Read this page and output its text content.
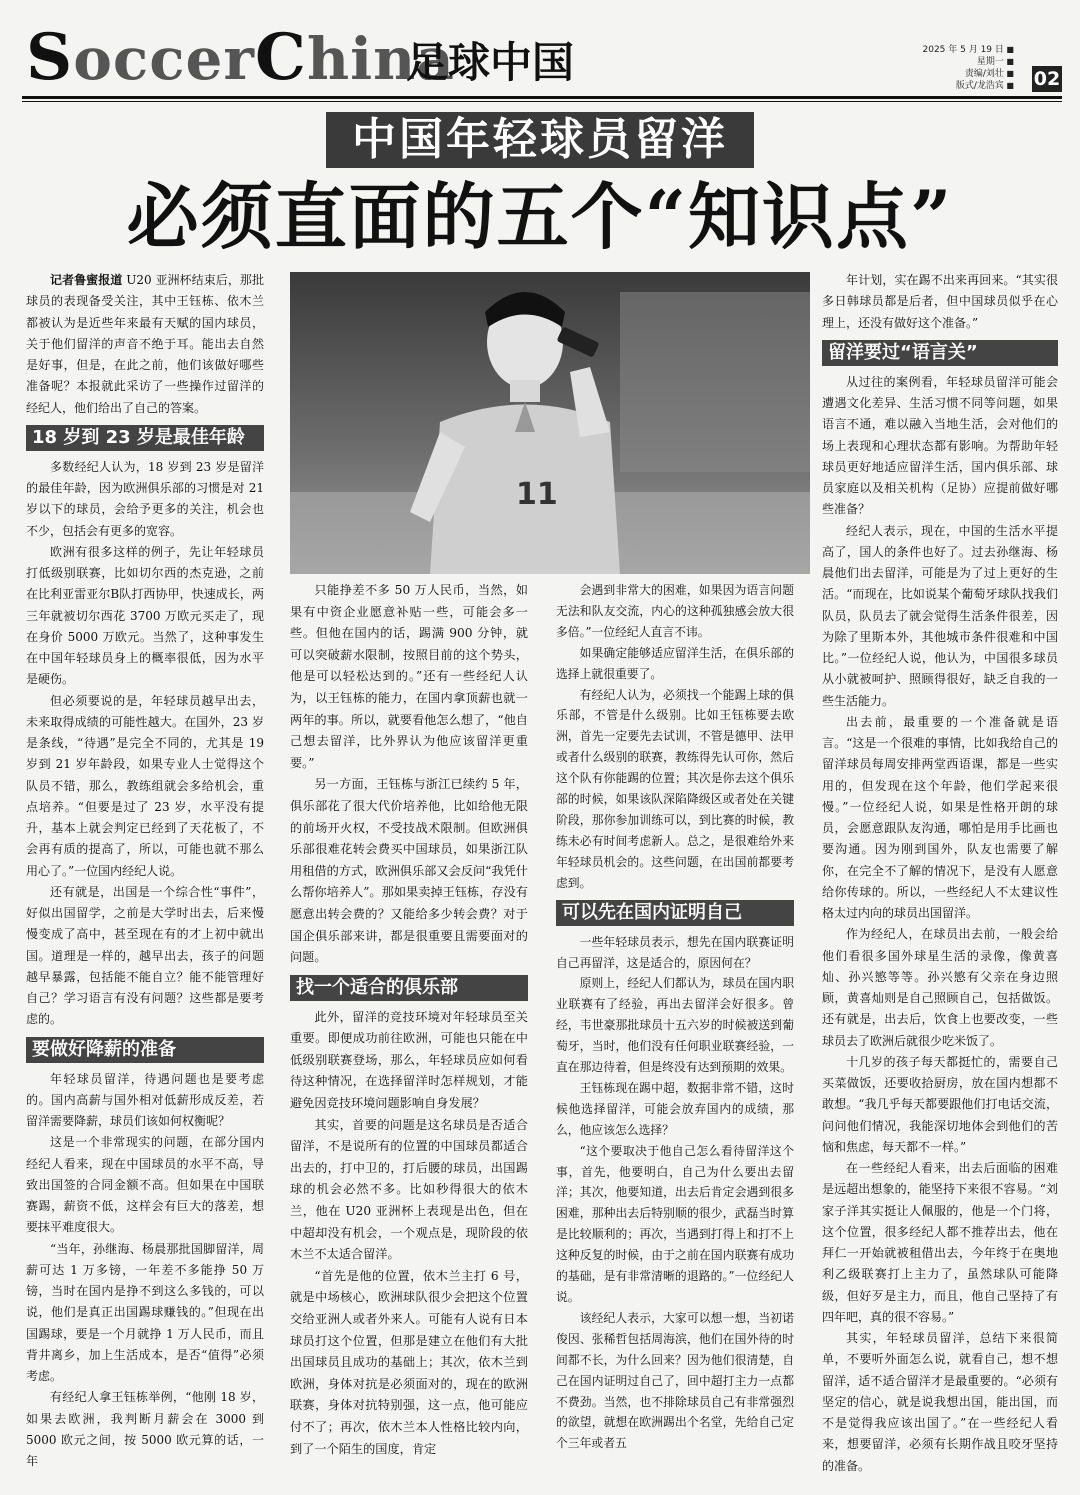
SoccerChina
足球中国	2025 年 5 月 19 日 ■
星期一 ■
责编/刘壮 ■
版式/龙浩宾 ■	02
中国年轻球员留洋
必须直面的五个“知识点”

记者鲁蜜报道 U20 亚洲杯结束后，那批球员的表现备受关注，其中王钰栋、依木兰都被认为是近些年来最有天赋的国内球员，关于他们留洋的声音不绝于耳。能出去自然是好事，但是，在此之前，他们该做好哪些准备呢？本报就此采访了一些操作过留洋的经纪人，他们给出了自己的答案。

18 岁到 23 岁是最佳年龄

多数经纪人认为，18 岁到 23 岁是留洋的最佳年龄，因为欧洲俱乐部的习惯是对 21 岁以下的球员，会给予更多的关注，机会也不少，包括会有更多的宽容。

欧洲有很多这样的例子，先让年轻球员打低级别联赛，比如切尔西的杰克逊，之前在比利亚雷亚尔B队打西协甲，快速成长，两三年就被切尔西花 3700 万欧元买走了，现在身价 5000 万欧元。当然了，这种事发生在中国年轻球员身上的概率很低，因为水平是硬伤。

但必须要说的是，年轻球员越早出去，未来取得成绩的可能性越大。在国外，23 岁是条线，“待遇”是完全不同的，尤其是 19 岁到 21 岁年龄段，如果专业人士觉得这个队员不错，那么，教练组就会多给机会，重点培养。“但要是过了 23 岁，水平没有提升，基本上就会判定已经到了天花板了，不会再有质的提高了，所以，可能也就不那么用心了。”一位国内经纪人说。

还有就是，出国是一个综合性“事件”，好似出国留学，之前是大学时出去，后来慢慢变成了高中，甚至现在有的才上初中就出国。道理是一样的，越早出去，孩子的问题越早暴露，包括能不能自立？能不能管理好自己？学习语言有没有问题？这些都是要考虑的。

要做好降薪的准备

年轻球员留洋，待遇问题也是要考虑的。国内高薪与国外相对低薪形成反差，若留洋需要降薪，球员们该如何权衡呢？

这是一个非常现实的问题，在部分国内经纪人看来，现在中国球员的水平不高，导致出国签的合同金额不高。但如果在中国联赛踢，薪资不低，这样会有巨大的落差，想要抹平难度很大。

“当年，孙继海、杨晨那批国脚留洋，周薪可达 1 万多镑，一年差不多能挣 50 万镑，当时在国内是挣不到这么多钱的，可以说，他们是真正出国踢球赚钱的。”但现在出国踢球，要是一个月就挣 1 万人民币，而且背井离乡，加上生活成本，是否“值得”必须考虑。

有经纪人拿王钰栋举例，“他刚 18 岁，如果去欧洲，我判断月薪会在 3000 到 5000 欧元之间，按 5000 欧元算的话，一年

11

只能挣差不多 50 万人民币，当然，如果有中资企业愿意补贴一些，可能会多一些。但他在国内的话，踢满 900 分钟，就可以突破薪水限制，按照目前的这个势头，他是可以轻松达到的。”还有一些经纪人认为，以王钰栋的能力，在国内拿顶薪也就一两年的事。所以，就要看他怎么想了，“他自己想去留洋，比外界认为他应该留洋更重要。”

另一方面，王钰栋与浙江已续约 5 年，俱乐部花了很大代价培养他，比如给他无限的前场开火权，不受技战术限制。但欧洲俱乐部很难花转会费买中国球员，如果浙江队用租借的方式，欧洲俱乐部又会反问“我凭什么帮你培养人”。那如果卖掉王钰栋，存没有愿意出转会费的？又能给多少转会费？对于国企俱乐部来讲，都是很重要且需要面对的问题。

找一个适合的俱乐部

此外，留洋的竞技环境对年轻球员至关重要。即便成功前往欧洲，可能也只能在中低级别联赛登场，那么，年轻球员应如何看待这种情况，在选择留洋时怎样规划，才能避免因竞技环境问题影响自身发展？

其实，首要的问题是这名球员是否适合留洋，不是说所有的位置的中国球员都适合出去的，打中卫的，打后腰的球员，出国踢球的机会必然不多。比如秒得很大的依木兰，他在 U20 亚洲杯上表现是出色，但在中超却没有机会，一个观点是，现阶段的依木兰不太适合留洋。

“首先是他的位置，依木兰主打 6 号，就是中场核心，欧洲球队很少会把这个位置交给亚洲人或者外来人。可能有人说有日本球员打这个位置，但那是建立在他们有大批出国球员且成功的基础上；其次，依木兰到欧洲，身体对抗是必须面对的，现在的欧洲联赛，身体对抗特别强，这一点，他可能应付不了；再次，依木兰本人性格比较内向，到了一个陌生的国度，肯定

会遇到非常大的困难，如果因为语言问题无法和队友交流，内心的这种孤独感会放大很多倍。”一位经纪人直言不讳。

如果确定能够适应留洋生活，在俱乐部的选择上就很重要了。

有经纪人认为，必须找一个能踢上球的俱乐部，不管是什么级别。比如王钰栋要去欧洲，首先一定要先去试训，不管是德甲、法甲或者什么级别的联赛，教练得先认可你，然后这个队有你能踢的位置；其次是你去这个俱乐部的时候，如果该队深陷降级区或者处在关键阶段，那你参加训练可以，到比赛的时候，教练未必有时间考虑新人。总之，是很难给外来年轻球员机会的。这些问题，在出国前都要考虑到。

可以先在国内证明自己

一些年轻球员表示，想先在国内联赛证明自己再留洋，这是适合的，原因何在？

原则上，经纪人们都认为，球员在国内职业联赛有了经验，再出去留洋会好很多。曾经，韦世豪那批球员十五六岁的时候被送到葡萄牙，当时，他们没有任何职业联赛经验，一直在那边待着，但是终没有达到预期的效果。

王钰栋现在踢中超，数据非常不错，这时候他选择留洋，可能会放弃国内的成绩，那么，他应该怎么选择？

“这个要取决于他自己怎么看待留洋这个事，首先，他要明白，自己为什么要出去留洋；其次，他要知道，出去后肯定会遇到很多困难，那种出去后特别顺的很少，武磊当时算是比较顺利的；再次，当遇到打得上和打不上这种反复的时候，由于之前在国内联赛有成功的基础，是有非常清晰的退路的。”一位经纪人说。

该经纪人表示，大家可以想一想，当初诺俊因、张稀哲包括周海滨，他们在国外待的时间都不长，为什么回来？因为他们很清楚，自己在国内证明过自己了，回中超打主力一点都不费劲。当然，也不排除球员自己有非常强烈的欲望，就想在欧洲踢出个名堂，先给自己定个三年或者五

年计划，实在踢不出来再回来。“其实很多日韩球员都是后者，但中国球员似乎在心理上，还没有做好这个准备。”

留洋要过“语言关”

从过往的案例看，年轻球员留洋可能会遭遇文化差异、生活习惯不同等问题，如果语言不通，难以融入当地生活，会对他们的场上表现和心理状态都有影响。为帮助年轻球员更好地适应留洋生活，国内俱乐部、球员家庭以及相关机构（足协）应提前做好哪些准备？

经纪人表示，现在，中国的生活水平提高了，国人的条件也好了。过去孙继海、杨晨他们出去留洋，可能是为了过上更好的生活。“而现在，比如说某个葡萄牙球队找我们队员，队员去了就会觉得生活条件很差，因为除了里斯本外，其他城市条件很难和中国比。”一位经纪人说，他认为，中国很多球员从小就被呵护、照顾得很好，缺乏自我的一些生活能力。

出去前，最重要的一个准备就是语言。“这是一个很难的事情，比如我给自己的留洋球员每周安排两堂西语课，都是一些实用的，但发现在这个年龄，他们学起来很慢。”一位经纪人说，如果是性格开朗的球员，会愿意跟队友沟通，哪怕是用手比画也要沟通。因为刚到国外，队友也需要了解你，在完全不了解的情况下，是没有人愿意给你传球的。所以，一些经纪人不太建议性格太过内向的球员出国留洋。

作为经纪人，在球员出去前，一般会给他们看很多国外球星生活的录像，像黄喜灿、孙兴慜等等。孙兴慜有父亲在身边照顾，黄喜灿则是自己照顾自己，包括做饭。还有就是，出去后，饮食上也要改变，一些球员去了欧洲后就很少吃米饭了。

十几岁的孩子每天都挺忙的，需要自己买菜做饭，还要收拾厨房，放在国内想都不敢想。“我几乎每天都要跟他们打电话交流，问问他们情况，我能深切地体会到他们的苦恼和焦虑，每天都不一样。”

在一些经纪人看来，出去后面临的困难是远超出想象的，能坚持下来很不容易。“刘家子洋其实挺让人佩服的，他是一个门将，这个位置，很多经纪人都不推荐出去，他在拜仁一开始就被租借出去，今年终于在奥地利乙级联赛打上主力了，虽然球队可能降级，但好歹是主力，而且，他自己坚持了有四年吧，真的很不容易。”

其实，年轻球员留洋，总结下来很简单，不要听外面怎么说，就看自己，想不想留洋，适不适合留洋才是最重要的。“必须有坚定的信心，就是说我想出国，能出国，而不是觉得我应该出国了。”在一些经纪人看来，想要留洋，必须有长期作战且咬牙坚持的准备。
